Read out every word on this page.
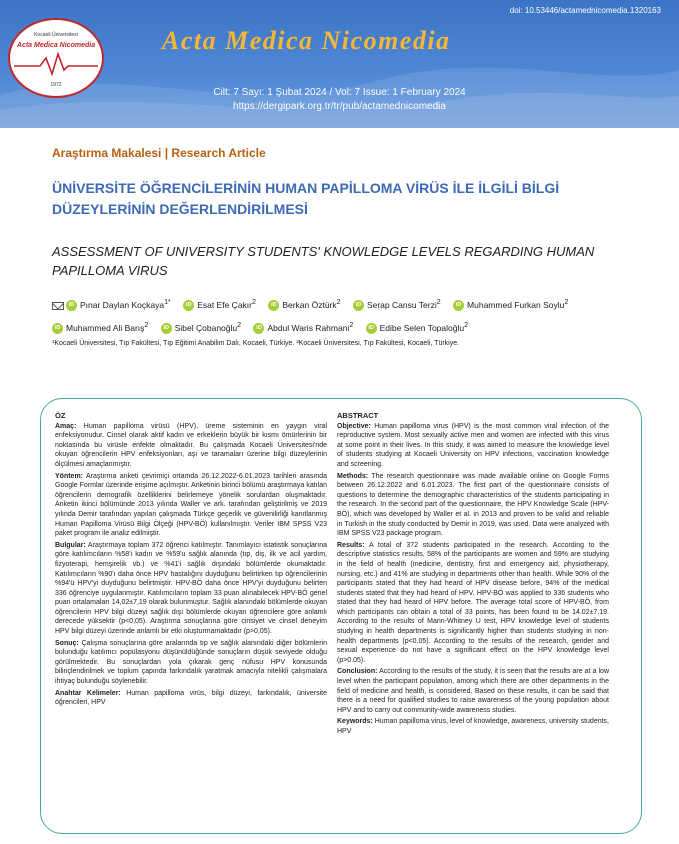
doi: 10.53446/actamednicomedia.1320163
Kocaeli Üniversitesi
Acta Medica Nicomedia
1972
Acta Medica Nicomedia
Cilt: 7 Sayı: 1 Şubat 2024 / Vol: 7 Issue: 1 February 2024
https://dergipark.org.tr/tr/pub/actamednicomedia
Araştırma Makalesi | Research Article
ÜNİVERSİTE ÖĞRENCİLERİNİN HUMAN PAPİLLOMA VİRÜS İLE İLGİLİ BİLGİ DÜZEYLERİNİN DEĞERLENDİRİLMESİ
ASSESSMENT OF UNIVERSITY STUDENTS' KNOWLEDGE LEVELS REGARDING HUMAN PAPILLOMA VIRUS
iD Pınar Daylan Koçkaya$^{1*}$	iD Esat Efe Çakır$^2$	iD Berkan Öztürk$^2$	iD Serap Cansu Terzi$^2$	iD Muhammed Furkan Soylu$^2$ iD Muhammed Ali Barış$^2$	iD Sibel Çobanoğlu$^2$	iD Abdul Waris Rahmani$^2$	iD Edibe Selen Topaloğlu$^2$
¹Kocaeli Üniversitesi, Tıp Fakültesi, Tıp Eğitimi Anabilim Dalı, Kocaeli, Türkiye. ²Kocaeli Üniversitesi, Tıp Fakültesi, Kocaeli, Türkiye.
ÖZ

Amaç: Human papilloma virüsü (HPV), üreme sisteminin en yaygın viral enfeksiyonudur. Cinsel olarak aktif kadın ve erkeklerin büyük bir kısmı ömürlerinin bir noktasında bu virüsle enfekte olmaktadır. Bu çalışmada Kocaeli Üniversitesi'nde okuyan öğrencilerin HPV enfeksiyonları, aşı ve taramaları üzerine bilgi düzeylerinin ölçülmesi amaçlanmıştır.

Yöntem: Araştırma anketi çevrimiçi ortamda 26.12.2022-6.01.2023 tarihleri arasında Google Formlar üzerinde erişime açılmıştır. Anketinin birinci bölümü araştırmaya katılan öğrencilerin demografik özelliklerini belirlemeye yönelik sorulardan oluşmaktadır. Anketin ikinci bölümünde 2013 yılında Waller ve ark. tarafından geliştirilmiş ve 2019 yılında Demir tarafından yapılan çalışmada Türkçe geçerlik ve güvenilirliği kanıtlanmış Human Papilloma Virüsü Bilgi Ölçeği (HPV-BÖ) kullanılmıştır. Veriler IBM SPSS V23 paket program ile analiz edilmiştir.

Bulgular: Araştırmaya toplam 372 öğrenci katılmıştır. Tanımlayıcı istatistik sonuçlarına göre katılımcıların %58'i kadın ve %59'u sağlık alanında (tıp, diş, ilk ve acil yardım, fizyoterapi, hemşirelik vb.) ve %41'i sağlık dışındaki bölümlerde okumaktadır. Katılımcıların %90'ı daha önce HPV hastalığını duyduğunu belirtirken tıp öğrencilerinin %94'ü HPV'yi duyduğunu belirtmiştir. HPV-BÖ daha önce HPV'yi duyduğunu belirten 336 öğrenciye uygulanmıştır. Katılımcıların toplam 33 puan alınabilecek HPV-BÖ genel puan ortalamaları 14,02±7,19 olarak bulunmuştur. Sağlık alanındaki bölümlerde okuyan öğrencilerin HPV bilgi düzeyi sağlık dışı bölümlerde okuyan öğrencilere göre anlamlı derecede yüksektir (p<0,05). Araştırma sonuçlarına göre cinsiyet ve cinsel deneyim HPV bilgi düzeyi üzerinde anlamlı bir etki oluşturmamaktadır (p>0,05).

Sonuç: Çalışma sonuçlarına göre aralarında tıp ve sağlık alanındaki diğer bölümlerin bulunduğu katılımcı popülasyonu düşünüldüğünde sonuçların düşük seviyede olduğu görülmektedir. Bu sonuçlardan yola çıkarak genç nüfusu HPV konusunda bilinçlendirilmek ve toplum çapında farkındalık yaratmak amacıyla nitelikli çalışmalara ihtiyaç bulunduğu söylenebilir.

Anahtar Kelimeler: Human papilloma virüs, bilgi düzeyi, farkındalık, üniversite öğrencileri, HPV

ABSTRACT

Objective: Human papilloma virus (HPV) is the most common viral infection of the reproductive system. Most sexually active men and women are infected with this virus at some point in their lives. In this study, it was aimed to measure the knowledge level of students studying at Kocaeli University on HPV infections, vaccination knowledge and screening.

Methods: The research questionnaire was made available online on Google Forms between 26.12.2022 and 6.01.2023. The first part of the questionnaire consists of questions to determine the demographic characteristics of the students participating in the research. In the second part of the questionnaire, the HPV Knowledge Scale (HPV-BÖ), which was developed by Waller et al. in 2013 and proven to be valid and reliable in Turkish in the study conducted by Demir in 2019, was used. Data were analyzed with IBM SPSS V23 package program.

Results: A total of 372 students participated in the research. According to the descriptive statistics results, 58% of the participants are women and 59% are studying in the field of health (medicine, dentistry, first and emergency aid, physiotherapy, nursing, etc.) and 41% are studying in departments other than health. While 90% of the participants stated that they had heard of HPV disease before, 94% of the medical students stated that they had heard of HPV. HPV-BÖ was applied to 336 students who stated that they had heard of HPV before. The average total score of HPV-BÖ, from which participants can obtain a total of 33 points, has been found to be 14.02±7.19. According to the results of Mann-Whitney U test, HPV knowledge level of students studying in health departments is significantly higher than students studying in non-health departments (p<0.05). According to the results of the research, gender and sexual experience do not have a significant effect on the HPV knowledge level (p>0.05).

Conclusion: According to the results of the study, it is seen that the results are at a low level when the participant population, among which there are other departments in the field of medicine and health, is considered. Based on these results, it can be said that there is a need for qualified studies to raise awareness of the young population about HPV and to carry out community-wide awareness studies.

Keywords: Human papilloma virus, level of knowledge, awareness, university students, HPV
